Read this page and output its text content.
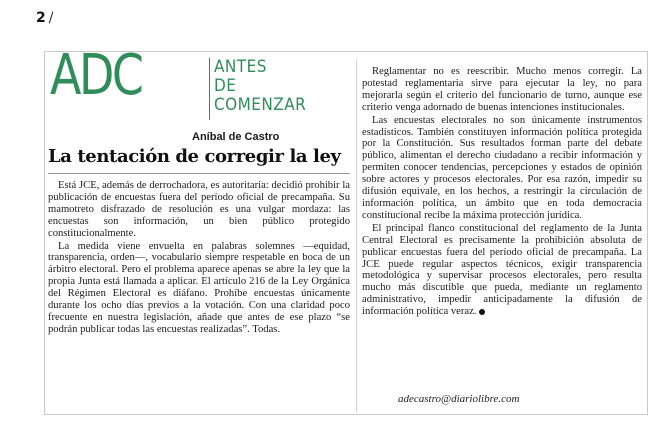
2 /
ADC	ANTES
DE
COMENZAR
Aníbal de Castro
La tentación de corregir la ley

Está JCE, además de derrochadora, es autoritaria: decidió prohibir la publicación de encuestas fuera del período oficial de precampaña. Su mamotreto disfrazado de resolución es una vulgar mordaza: las encuestas son información, un bien público protegido constitucionalmente.

La medida viene envuelta en palabras solemnes —equidad, transparencia, orden—, vocabulario siempre respetable en boca de un árbitro electoral. Pero el problema aparece apenas se abre la ley que la propia Junta está llamada a aplicar. El artículo 216 de la Ley Orgánica del Régimen Electoral es diáfano. Prohíbe encuestas únicamente durante los ocho días previos a la votación. Con una claridad poco frecuente en nuestra legislación, añade que antes de ese plazo “se podrán publicar todas las encuestas realizadas”. Todas.

Reglamentar no es reescribir. Mucho menos corregir. La potestad reglamentaria sirve para ejecutar la ley, no para mejorarla según el criterio del funcionario de turno, aunque ese criterio venga adornado de buenas intenciones institucionales.

Las encuestas electorales no son únicamente instrumentos estadísticos. También constituyen información política protegida por la Constitución. Sus resultados forman parte del debate público, alimentan el derecho ciudadano a recibir información y permiten conocer tendencias, percepciones y estados de opinión sobre actores y procesos electorales. Por esa razón, impedir su difusión equivale, en los hechos, a restringir la circulación de información política, un ámbito que en toda democracia constitucional recibe la máxima protección jurídica.

El principal flanco constitucional del reglamento de la Junta Central Electoral es precisamente la prohibición absoluta de publicar encuestas fuera del período oficial de precampaña. La JCE puede regular aspectos técnicos, exigir transparencia metodológica y supervisar procesos electorales, pero resulta mucho más discutible que pueda, mediante un reglamento administrativo, impedir anticipadamente la difusión de información política veraz.

adecastro@diariolibre.com
